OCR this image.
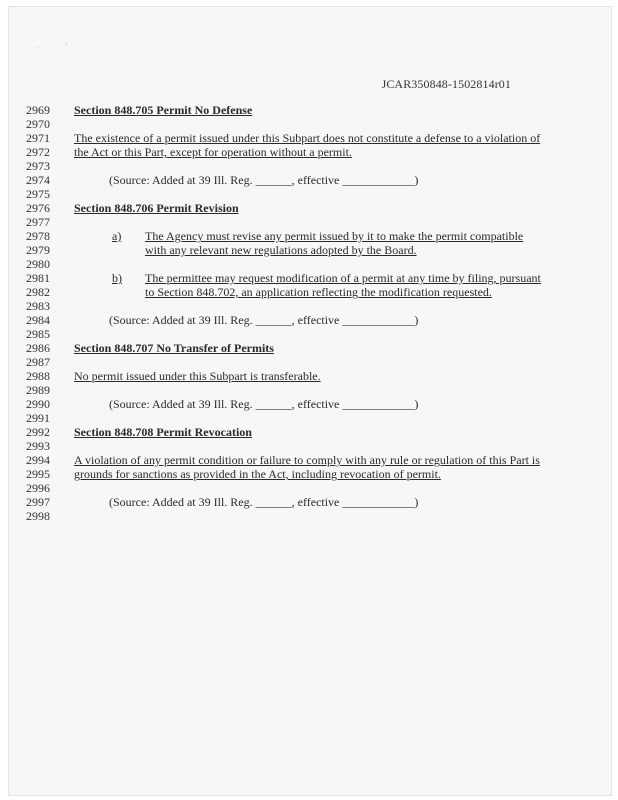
.	’
JCAR350848-1502814r01
2969 Section 848.705 Permit No Defense
2970
2971 The existence of a permit issued under this Subpart does not constitute a defense to a violation of
2972 the Act or this Part, except for operation without a permit.
2973
2974	(Source: Added at 39 Ill. Reg. ______, effective ____________)
2975
2976 Section 848.706 Permit Revision
2977
2978	a) The Agency must revise any permit issued by it to make the permit compatible
2979	with any relevant new regulations adopted by the Board.
2980
2981	b) The permittee may request modification of a permit at any time by filing, pursuant
2982	to Section 848.702, an application reflecting the modification requested.
2983
2984	(Source: Added at 39 Ill. Reg. ______, effective ____________)
2985
2986 Section 848.707 No Transfer of Permits
2987
2988 No permit issued under this Subpart is transferable.
2989
2990	(Source: Added at 39 Ill. Reg. ______, effective ____________)
2991
2992 Section 848.708 Permit Revocation
2993
2994 A violation of any permit condition or failure to comply with any rule or regulation of this Part is
2995 grounds for sanctions as provided in the Act, including revocation of permit.
2996
2997	(Source: Added at 39 Ill. Reg. ______, effective ____________)
2998
